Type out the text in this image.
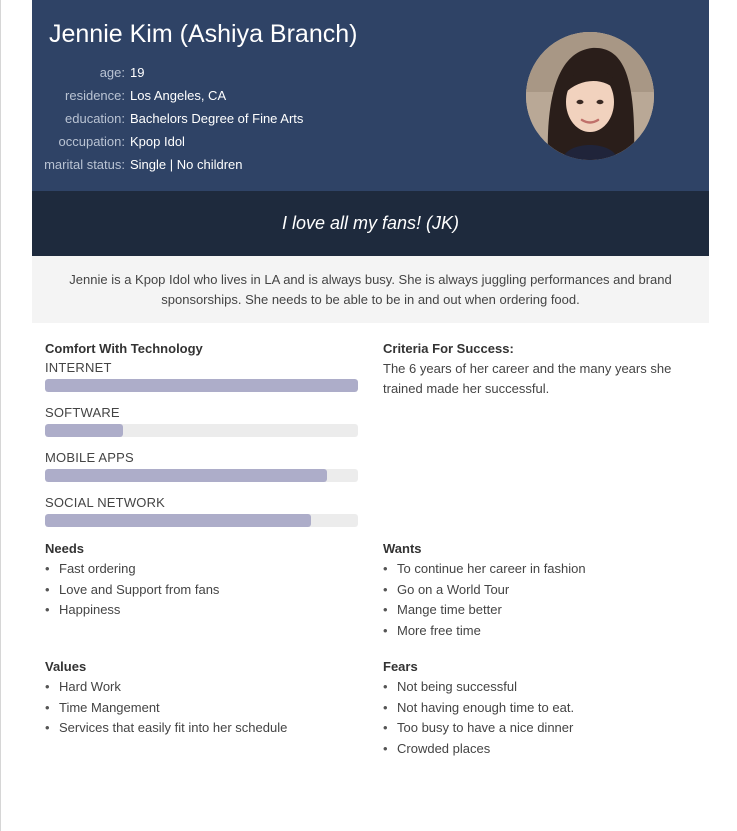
Jennie Kim (Ashiya Branch)
age: 19
residence: Los Angeles, CA
education: Bachelors Degree of Fine Arts
occupation: Kpop Idol
marital status: Single | No children
I love all my fans! (JK)
Jennie is a Kpop Idol who lives in LA and is always busy. She is always juggling performances and brand sponsorships. She needs to be able to be in and out when ordering food.
Comfort With Technology
INTERNET
SOFTWARE
MOBILE APPS
SOCIAL NETWORK
Criteria For Success:

The 6 years of her career and the many years she trained made her successful.

Needs
• Fast ordering
• Love and Support from fans
• Happiness
Wants
• To continue her career in fashion
• Go on a World Tour
• Mange time better
• More free time
Values
• Hard Work
• Time Mangement
• Services that easily fit into her schedule
Fears
• Not being successful
• Not having enough time to eat.
• Too busy to have a nice dinner
• Crowded places
